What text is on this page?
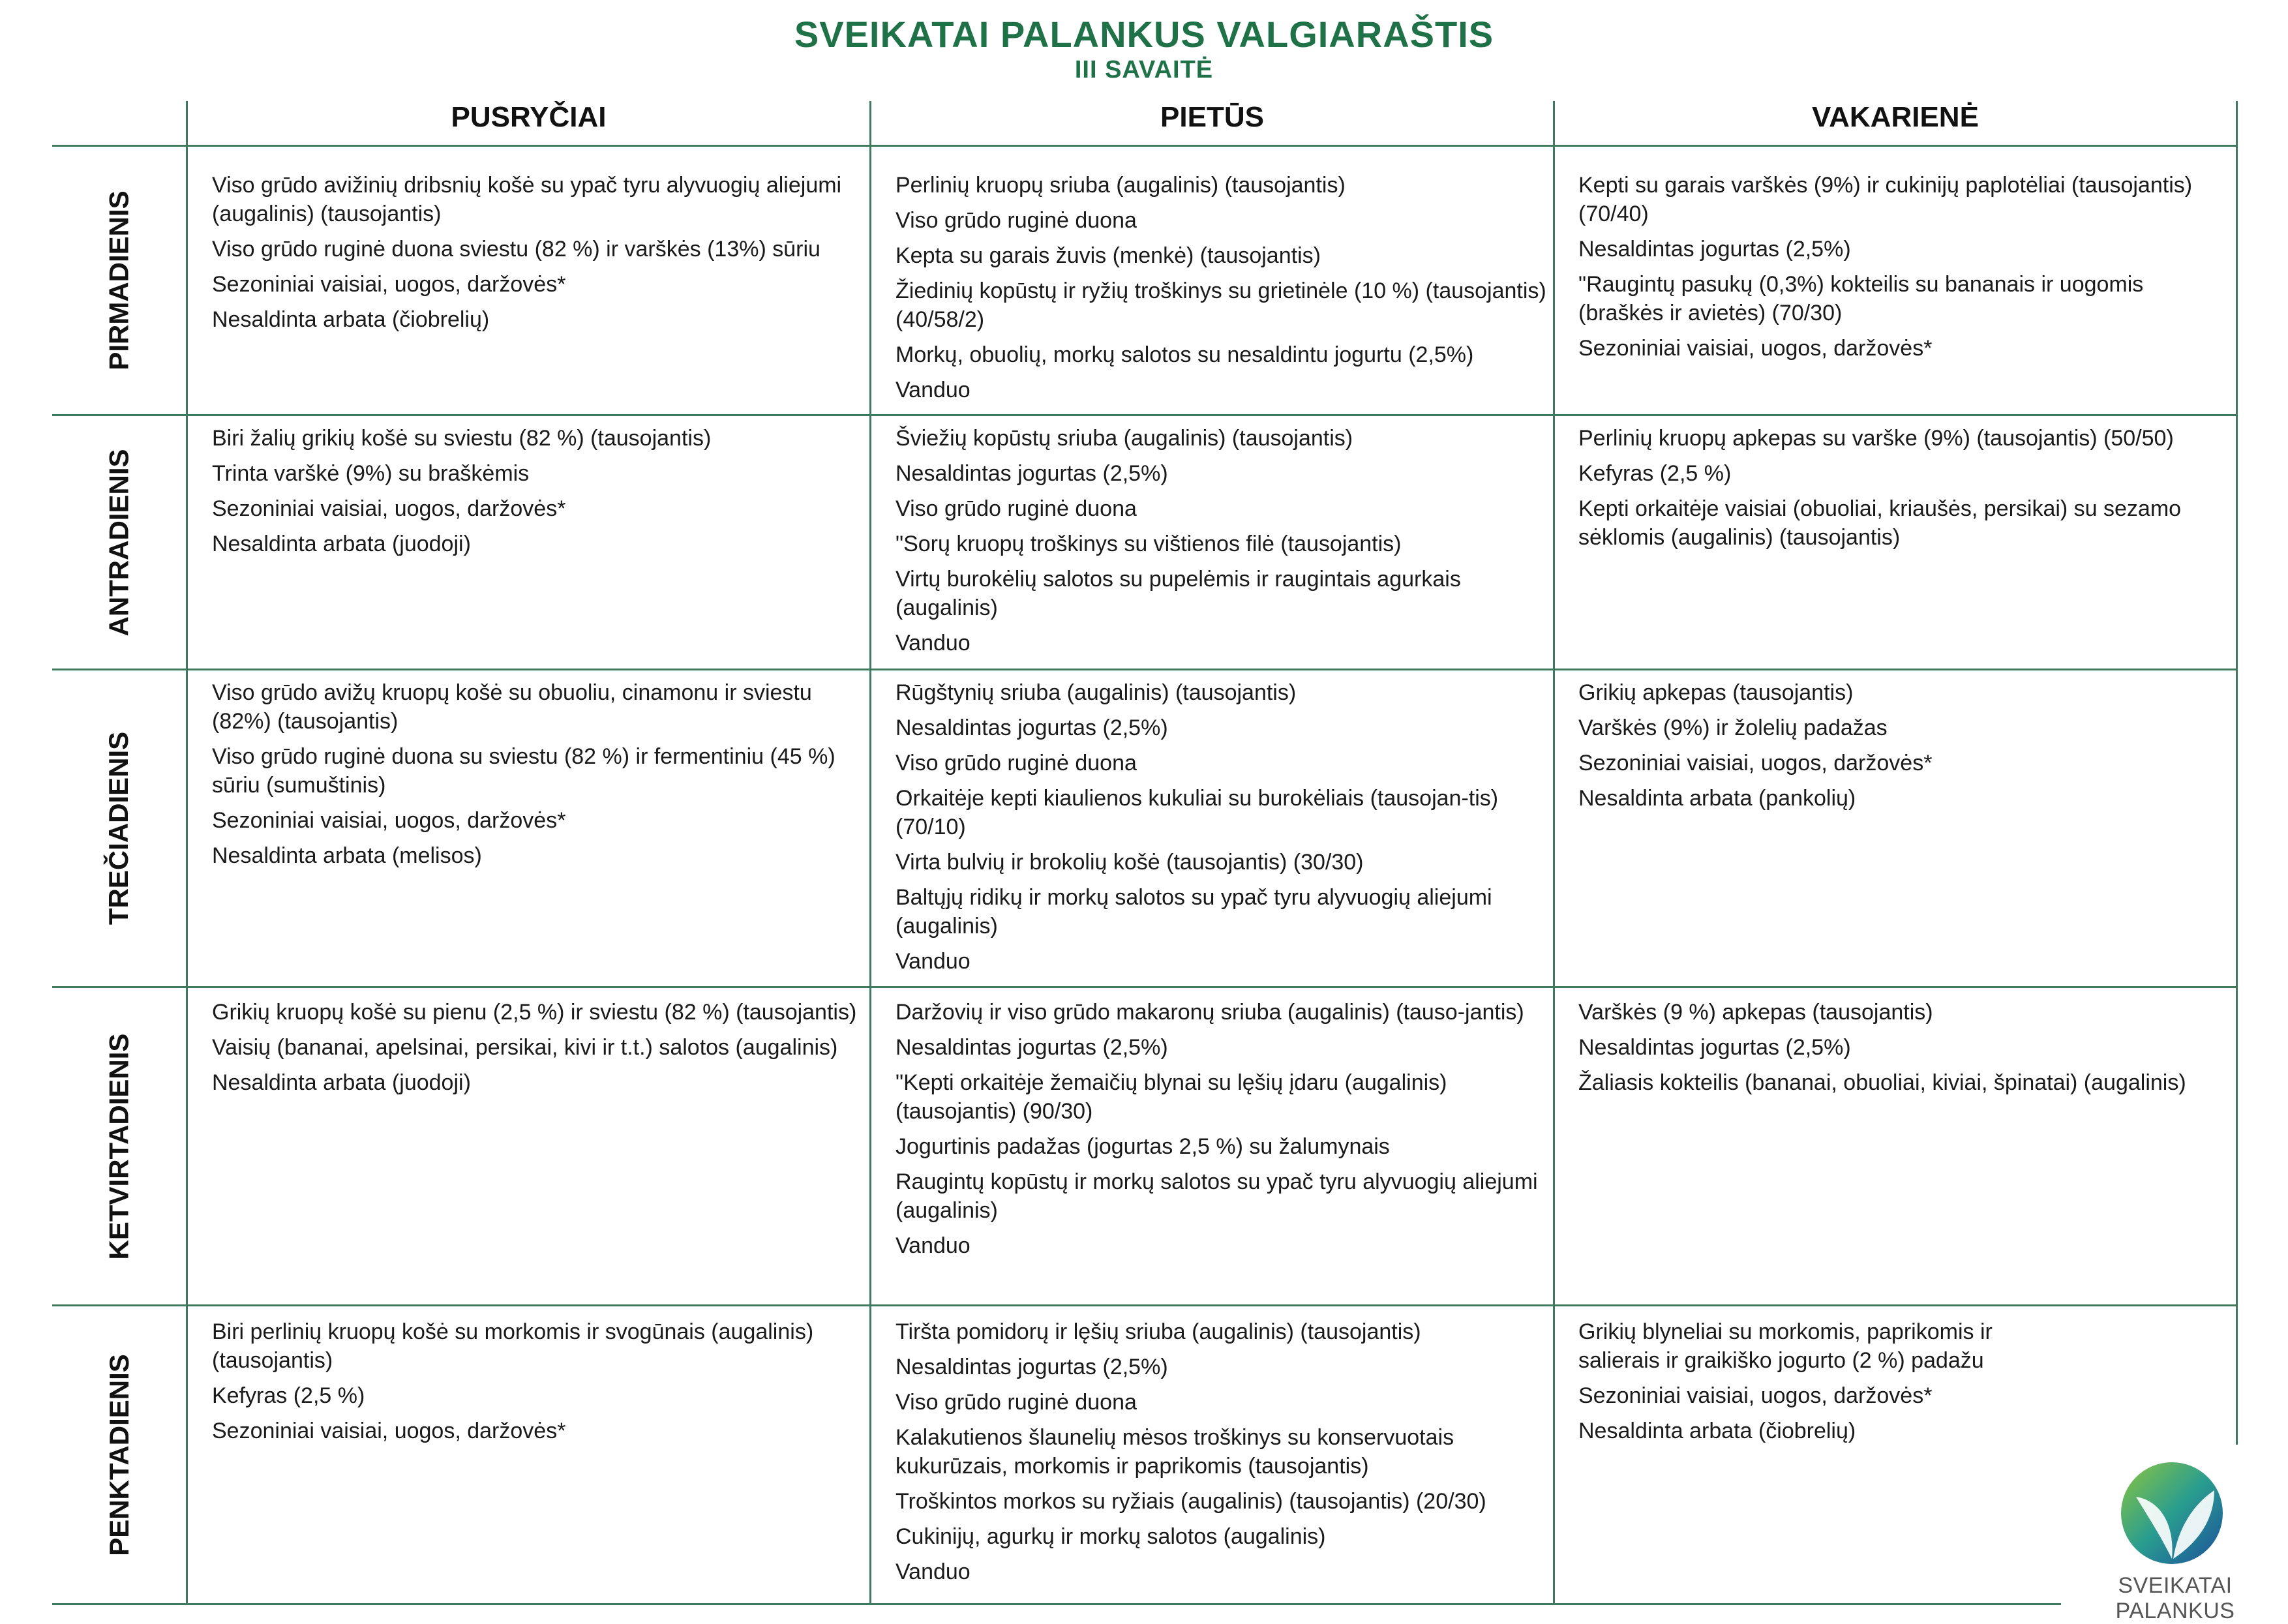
SVEIKATAI PALANKUS VALGIARAŠTIS
III SAVAITĖ
PUSRYČIAI	PIETŪS	VAKARIENĖ
PIRMADIENIS
ANTRADIENIS
TREČIADIENIS
KETVIRTADIENIS
PENKTADIENIS
Viso grūdo avižinių dribsnių košė su ypač tyru alyvuogių aliejumi (augalinis) (tausojantis)
Viso grūdo ruginė duona sviestu (82 %) ir varškės (13%) sūriu
Sezoniniai vaisiai, uogos, daržovės*
Nesaldinta arbata (čiobrelių)
Perlinių kruopų sriuba (augalinis) (tausojantis)
Viso grūdo ruginė duona
Kepta su garais žuvis (menkė) (tausojantis)
Žiedinių kopūstų ir ryžių troškinys su grietinėle (10 %) (tausojantis) (40/58/2)
Morkų, obuolių, morkų salotos su nesaldintu jogurtu (2,5%)
Vanduo
Kepti su garais varškės (9%) ir cukinijų paplotėliai (tausojantis) (70/40)
Nesaldintas jogurtas (2,5%)
"Raugintų pasukų (0,3%) kokteilis su bananais ir uogomis (braškės ir avietės) (70/30)
Sezoniniai vaisiai, uogos, daržovės*
Biri žalių grikių košė su sviestu (82 %) (tausojantis)
Trinta varškė (9%) su braškėmis
Sezoniniai vaisiai, uogos, daržovės*
Nesaldinta arbata (juodoji)
Šviežių kopūstų sriuba (augalinis) (tausojantis)
Nesaldintas jogurtas (2,5%)
Viso grūdo ruginė duona
"Sorų kruopų troškinys su vištienos filė (tausojantis)
Virtų burokėlių salotos su pupelėmis ir raugintais agurkais (augalinis)
Vanduo
Perlinių kruopų apkepas su varške (9%) (tausojantis) (50/50)
Kefyras (2,5 %)
Kepti orkaitėje vaisiai (obuoliai, kriaušės, persikai) su sezamo sėklomis (augalinis) (tausojantis)
Viso grūdo avižų kruopų košė su obuoliu, cinamonu ir sviestu (82%) (tausojantis)
Viso grūdo ruginė duona su sviestu (82 %) ir fermentiniu (45 %) sūriu (sumuštinis)
Sezoniniai vaisiai, uogos, daržovės*
Nesaldinta arbata (melisos)
Rūgštynių sriuba (augalinis) (tausojantis)
Nesaldintas jogurtas (2,5%)
Viso grūdo ruginė duona
Orkaitėje kepti kiaulienos kukuliai su burokėliais (tausojan-tis) (70/10)
Virta bulvių ir brokolių košė (tausojantis) (30/30)
Baltųjų ridikų ir morkų salotos su ypač tyru alyvuogių aliejumi (augalinis)
Vanduo
Grikių apkepas (tausojantis)
Varškės (9%) ir žolelių padažas
Sezoniniai vaisiai, uogos, daržovės*
Nesaldinta arbata (pankolių)
Grikių kruopų košė su pienu (2,5 %) ir sviestu (82 %) (tausojantis)
Vaisių (bananai, apelsinai, persikai, kivi ir t.t.) salotos (augalinis)
Nesaldinta arbata (juodoji)
Daržovių ir viso grūdo makaronų sriuba (augalinis) (tauso-jantis)
Nesaldintas jogurtas (2,5%)
"Kepti orkaitėje žemaičių blynai su lęšių įdaru (augalinis) (tausojantis) (90/30)
Jogurtinis padažas (jogurtas 2,5 %) su žalumynais
Raugintų kopūstų ir morkų salotos su ypač tyru alyvuogių aliejumi (augalinis)
Vanduo
Varškės (9 %) apkepas (tausojantis)
Nesaldintas jogurtas (2,5%)
Žaliasis kokteilis (bananai, obuoliai, kiviai, špinatai) (augalinis)
Biri perlinių kruopų košė su morkomis ir svogūnais (augalinis) (tausojantis)
Kefyras (2,5 %)
Sezoniniai vaisiai, uogos, daržovės*
Tiršta pomidorų ir lęšių sriuba (augalinis) (tausojantis)
Nesaldintas jogurtas (2,5%)
Viso grūdo ruginė duona
Kalakutienos šlaunelių mėsos troškinys su konservuotais kukurūzais, morkomis ir paprikomis (tausojantis)
Troškintos morkos su ryžiais (augalinis) (tausojantis) (20/30)
Cukinijų, agurkų ir morkų salotos (augalinis)
Vanduo
Grikių blyneliai su morkomis, paprikomis ir salierais ir graikiško jogurto (2 %) padažu
Sezoniniai vaisiai, uogos, daržovės*
Nesaldinta arbata (čiobrelių)
SVEIKATAI PALANKUS
